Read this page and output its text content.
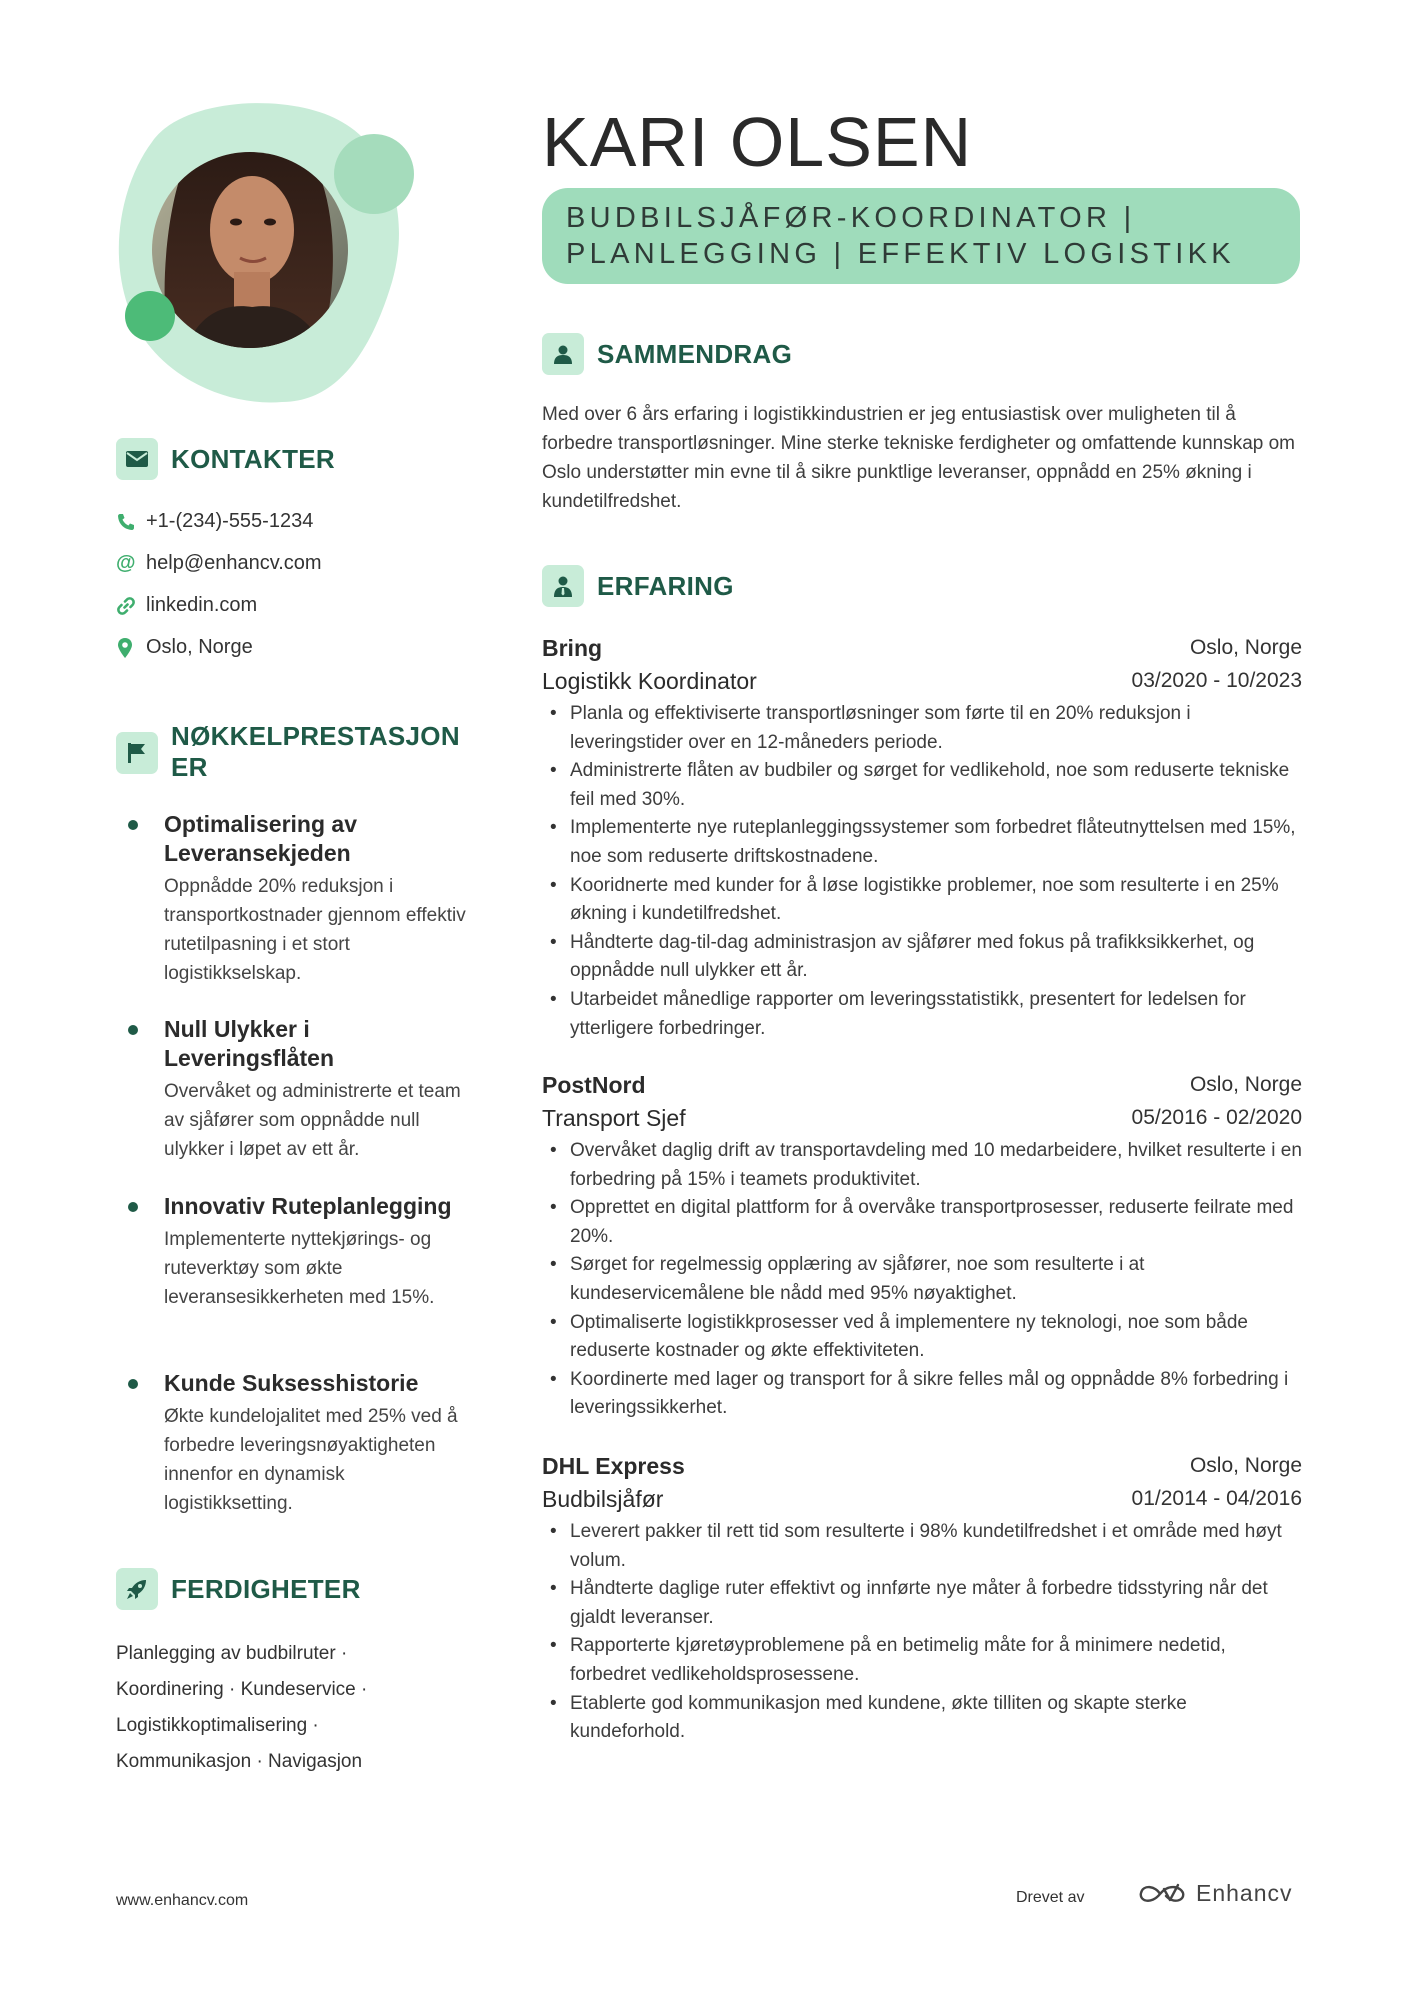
KONTAKTER
+1-(234)-555-1234
@ help@enhancv.com
linkedin.com
Oslo, Norge
NØKKELPRESTASJON
ER
Optimalisering av Leveransekjeden
Oppnådde 20% reduksjon i transportkostnader gjennom effektiv rutetilpasning i et stort logistikkselskap.
Null Ulykker i Leveringsflåten
Overvåket og administrerte et team av sjåfører som oppnådde null ulykker i løpet av ett år.
Innovativ Ruteplanlegging
Implementerte nyttekjørings- og ruteverktøy som økte leveransesikkerheten med 15%.
Kunde Suksesshistorie
Økte kundelojalitet med 25% ved å forbedre leveringsnøyaktigheten innenfor en dynamisk logistikksetting.
FERDIGHETER
Planlegging av budbilruter ·
Koordinering · Kundeservice ·
Logistikkoptimalisering ·
Kommunikasjon · Navigasjon
KARI OLSEN
BUDBILSJÅFØR-KOORDINATOR |
PLANLEGGING | EFFEKTIV LOGISTIKK
SAMMENDRAG
Med over 6 års erfaring i logistikkindustrien er jeg entusiastisk over muligheten til å forbedre transportløsninger. Mine sterke tekniske ferdigheter og omfattende kunnskap om Oslo understøtter min evne til å sikre punktlige leveranser, oppnådd en 25% økning i kundetilfredshet.
ERFARING
Bring	Oslo, Norge
Logistikk Koordinator	03/2020 - 10/2023
• Planla og effektiviserte transportløsninger som førte til en 20% reduksjon i leveringstider over en 12-måneders periode.
• Administrerte flåten av budbiler og sørget for vedlikehold, noe som reduserte tekniske feil med 30%.
• Implementerte nye ruteplanleggingssystemer som forbedret flåteutnyttelsen med 15%, noe som reduserte driftskostnadene.
• Kooridnerte med kunder for å løse logistikke problemer, noe som resulterte i en 25% økning i kundetilfredshet.
• Håndterte dag-til-dag administrasjon av sjåfører med fokus på trafikksikkerhet, og oppnådde null ulykker ett år.
• Utarbeidet månedlige rapporter om leveringsstatistikk, presentert for ledelsen for ytterligere forbedringer.
PostNord	Oslo, Norge
Transport Sjef	05/2016 - 02/2020
• Overvåket daglig drift av transportavdeling med 10 medarbeidere, hvilket resulterte i en forbedring på 15% i teamets produktivitet.
• Opprettet en digital plattform for å overvåke transportprosesser, reduserte feilrate med 20%.
• Sørget for regelmessig opplæring av sjåfører, noe som resulterte i at kundeservicemålene ble nådd med 95% nøyaktighet.
• Optimaliserte logistikkprosesser ved å implementere ny teknologi, noe som både reduserte kostnader og økte effektiviteten.
• Koordinerte med lager og transport for å sikre felles mål og oppnådde 8% forbedring i leveringssikkerhet.
DHL Express	Oslo, Norge
Budbilsjåfør	01/2014 - 04/2016
• Leverert pakker til rett tid som resulterte i 98% kundetilfredshet i et område med høyt volum.
• Håndterte daglige ruter effektivt og innførte nye måter å forbedre tidsstyring når det gjaldt leveranser.
• Rapporterte kjøretøyproblemene på en betimelig måte for å minimere nedetid, forbedret vedlikeholdsprosessene.
• Etablerte god kommunikasjon med kundene, økte tilliten og skapte sterke kundeforhold.
www.enhancv.com	Drevet av	Enhancv
